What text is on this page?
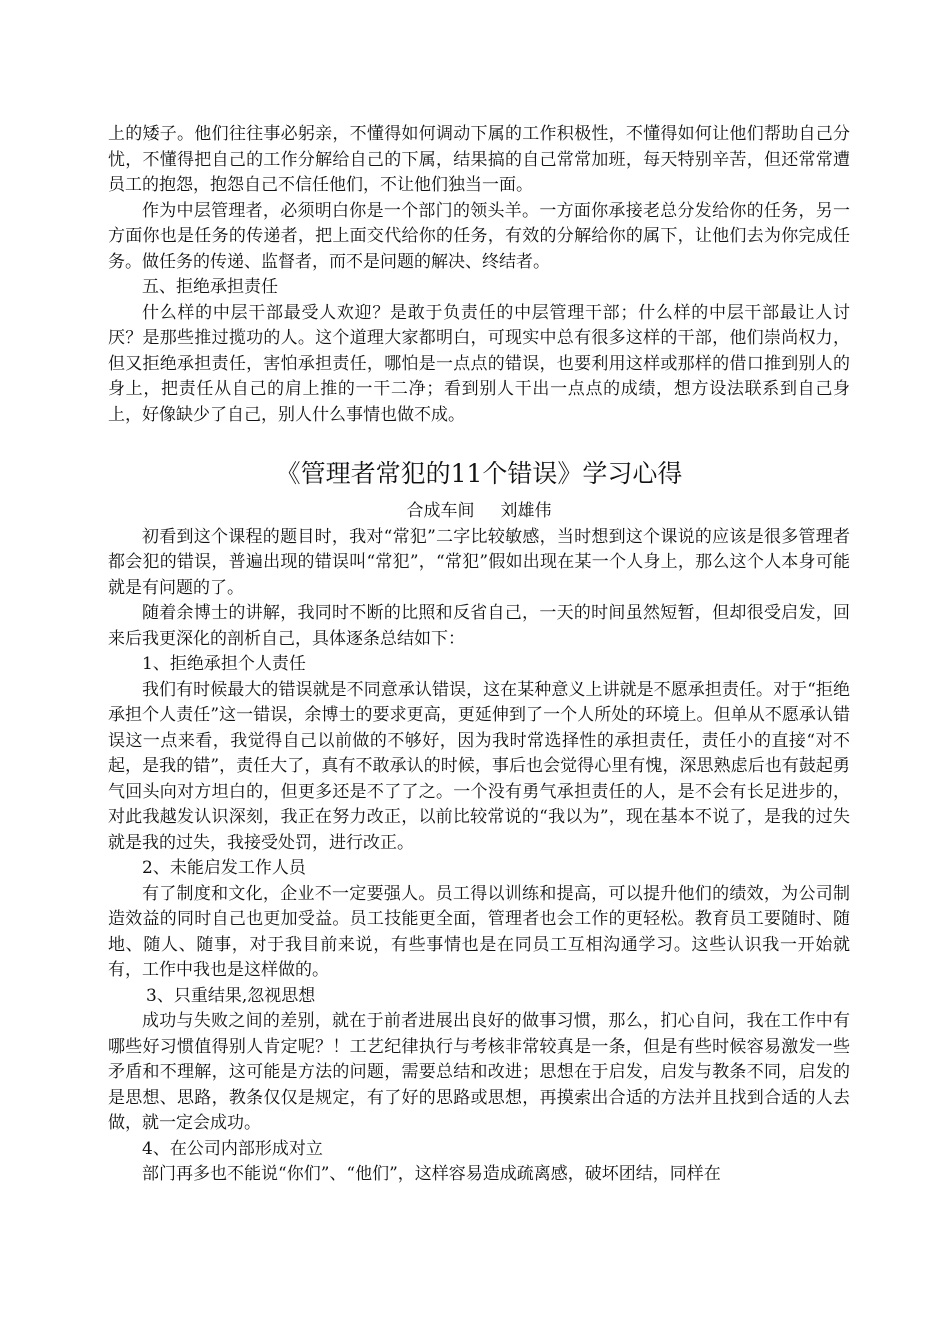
上的矮子。他们往往事必躬亲，不懂得如何调动下属的工作积极性，不懂得如何让他们帮助自己分忧，不懂得把自己的工作分解给自己的下属，结果搞的自己常常加班，每天特别辛苦，但还常常遭员工的抱怨，抱怨自己不信任他们，不让他们独当一面。

作为中层管理者，必须明白你是一个部门的领头羊。一方面你承接老总分发给你的任务，另一方面你也是任务的传递者，把上面交代给你的任务，有效的分解给你的属下，让他们去为你完成任务。做任务的传递、监督者，而不是问题的解决、终结者。

五、拒绝承担责任

什么样的中层干部最受人欢迎？是敢于负责任的中层管理干部；什么样的中层干部最让人讨厌？是那些推过揽功的人。这个道理大家都明白，可现实中总有很多这样的干部，他们崇尚权力，但又拒绝承担责任，害怕承担责任，哪怕是一点点的错误，也要利用这样或那样的借口推到别人的身上，把责任从自己的肩上推的一干二净；看到别人干出一点点的成绩，想方设法联系到自己身上，好像缺少了自己，别人什么事情也做不成。

《管理者常犯的11个错误》学习心得

合成车间 刘雄伟

初看到这个课程的题目时，我对“常犯”二字比较敏感，当时想到这个课说的应该是很多管理者都会犯的错误，普遍出现的错误叫“常犯”，“常犯”假如出现在某一个人身上，那么这个人本身可能就是有问题的了。

随着余博士的讲解，我同时不断的比照和反省自己，一天的时间虽然短暂，但却很受启发，回来后我更深化的剖析自己，具体逐条总结如下：

1、拒绝承担个人责任

我们有时候最大的错误就是不同意承认错误，这在某种意义上讲就是不愿承担责任。对于“拒绝承担个人责任”这一错误，余博士的要求更高，更延伸到了一个人所处的环境上。但单从不愿承认错误这一点来看，我觉得自己以前做的不够好，因为我时常选择性的承担责任，责任小的直接“对不起，是我的错”，责任大了，真有不敢承认的时候，事后也会觉得心里有愧，深思熟虑后也有鼓起勇气回头向对方坦白的，但更多还是不了了之。一个没有勇气承担责任的人，是不会有长足进步的，对此我越发认识深刻，我正在努力改正，以前比较常说的“我以为”，现在基本不说了，是我的过失就是我的过失，我接受处罚，进行改正。

2、未能启发工作人员

有了制度和文化，企业不一定要强人。员工得以训练和提高，可以提升他们的绩效，为公司制造效益的同时自己也更加受益。员工技能更全面，管理者也会工作的更轻松。教育员工要随时、随地、随人、随事，对于我目前来说，有些事情也是在同员工互相沟通学习。这些认识我一开始就有，工作中我也是这样做的。

3、只重结果,忽视思想

成功与失败之间的差别，就在于前者进展出良好的做事习惯，那么，扪心自问，我在工作中有哪些好习惯值得别人肯定呢？！工艺纪律执行与考核非常较真是一条，但是有些时候容易激发一些矛盾和不理解，这可能是方法的问题，需要总结和改进；思想在于启发，启发与教条不同，启发的是思想、思路，教条仅仅是规定，有了好的思路或思想，再摸索出合适的方法并且找到合适的人去做，就一定会成功。

4、在公司内部形成对立

部门再多也不能说“你们”、“他们”，这样容易造成疏离感，破坏团结，同样在
